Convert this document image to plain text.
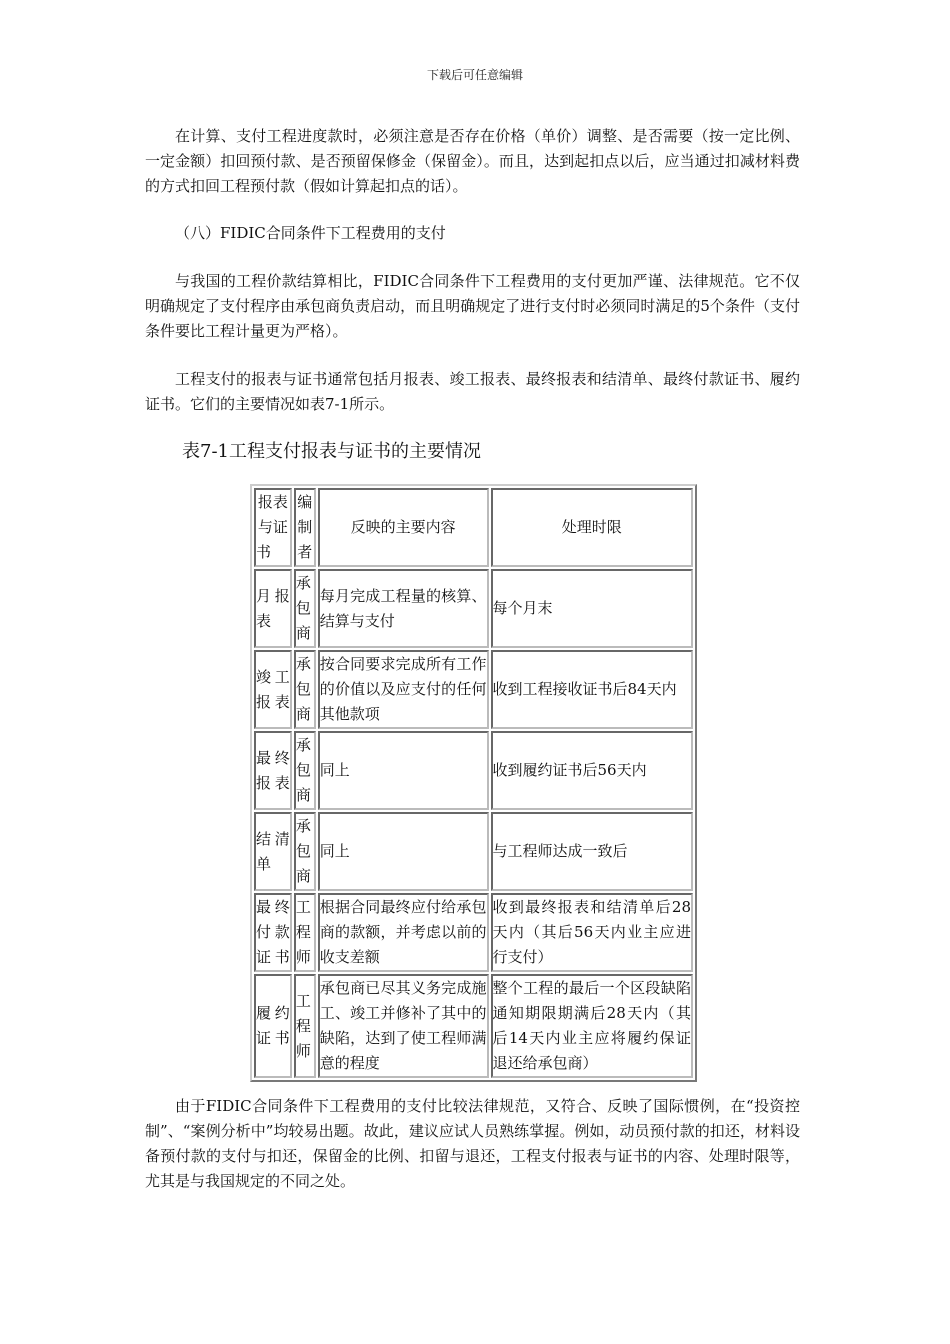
下载后可任意编辑

在计算、支付工程进度款时，必须注意是否存在价格（单价）调整、是否需要（按一定比例、一定金额）扣回预付款、是否预留保修金（保留金）。而且，达到起扣点以后，应当通过扣减材料费的方式扣回工程预付款（假如计算起扣点的话）。

（八）FIDIC合同条件下工程费用的支付

与我国的工程价款结算相比，FIDIC合同条件下工程费用的支付更加严谨、法律规范。它不仅明确规定了支付程序由承包商负责启动，而且明确规定了进行支付时必须同时满足的5个条件（支付条件要比工程计量更为严格）。

工程支付的报表与证书通常包括月报表、竣工报表、最终报表和结清单、最终付款证书、履约证书。它们的主要情况如表7-1所示。

表7-1工程支付报表与证书的主要情况

报表与证书	编制者	反映的主要内容	处理时限
月报表	承包商	每月完成工程量的核算、结算与支付	每个月末
竣工报表	承包商	按合同要求完成所有工作的价值以及应支付的任何其他款项	收到工程接收证书后84天内
最终报表	承包商	同上	收到履约证书后56天内
结清单	承包商	同上	与工程师达成一致后
最终付款证书	工程师	根据合同最终应付给承包商的款额，并考虑以前的收支差额	收到最终报表和结清单后28天内（其后56天内业主应进行支付）
履约证书	工程师	承包商已尽其义务完成施工、竣工并修补了其中的缺陷，达到了使工程师满意的程度	整个工程的最后一个区段缺陷通知期限期满后28天内（其后14天内业主应将履约保证退还给承包商）

由于FIDIC合同条件下工程费用的支付比较法律规范，又符合、反映了国际惯例，在“投资控制”、“案例分析中”均较易出题。故此，建议应试人员熟练掌握。例如，动员预付款的扣还，材料设备预付款的支付与扣还，保留金的比例、扣留与退还，工程支付报表与证书的内容、处理时限等，尤其是与我国规定的不同之处。
